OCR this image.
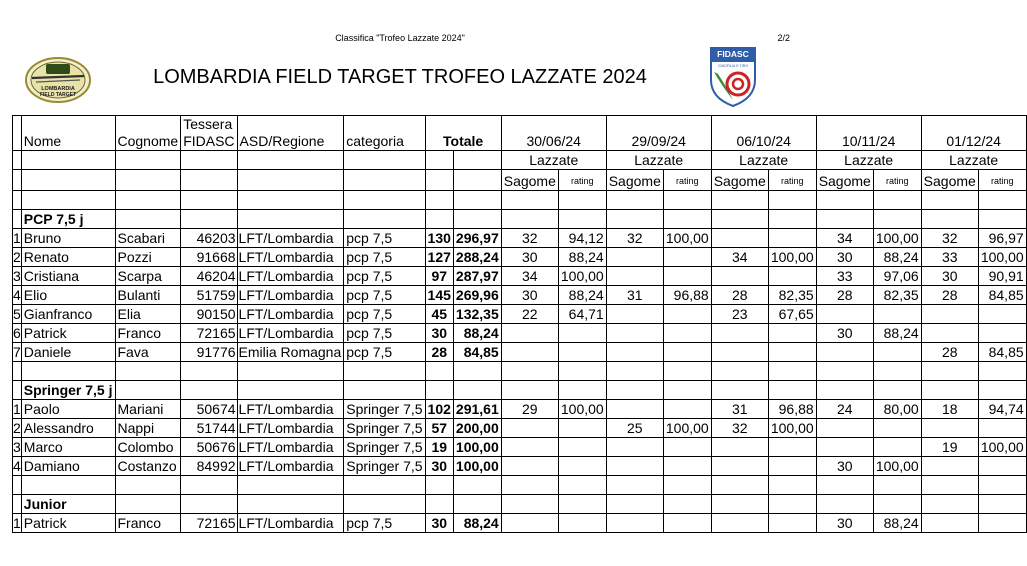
Classifica "Trofeo Lazzate 2024"	2/2
LOMBARDIA
FIELD TARGET
LOMBARDIA FIELD TARGET TROFEO LAZZATE 2024
FIDASC
CINOFILIA E TIRO
	Nome	Cognome	Tessera
FIDASC	ASD/Regione	categoria	Totale		30/06/24		29/09/24		06/10/24		10/11/24		01/12/24	
								Lazzate		Lazzate		Lazzate		Lazzate		Lazzate	
								Sagome	rating	Sagome	rating	Sagome	rating	Sagome	rating	Sagome	rating

	PCP 7,5 j																
1	Bruno	Scabari	46203	LFT/Lombardia	pcp 7,5	130	296,97	32	94,12	32	100,00			34	100,00	32	96,97
2	Renato	Pozzi	91668	LFT/Lombardia	pcp 7,5	127	288,24	30	88,24			34	100,00	30	88,24	33	100,00
3	Cristiana	Scarpa	46204	LFT/Lombardia	pcp 7,5	97	287,97	34	100,00					33	97,06	30	90,91
4	Elio	Bulanti	51759	LFT/Lombardia	pcp 7,5	145	269,96	30	88,24	31	96,88	28	82,35	28	82,35	28	84,85
5	Gianfranco	Elia	90150	LFT/Lombardia	pcp 7,5	45	132,35	22	64,71			23	67,65				
6	Patrick	Franco	72165	LFT/Lombardia	pcp 7,5	30	88,24							30	88,24		
7	Daniele	Fava	91776	Emilia Romagna	pcp 7,5	28	84,85									28	84,85

	Springer 7,5 j																
1	Paolo	Mariani	50674	LFT/Lombardia	Springer 7,5	102	291,61	29	100,00			31	96,88	24	80,00	18	94,74
2	Alessandro	Nappi	51744	LFT/Lombardia	Springer 7,5	57	200,00			25	100,00	32	100,00				
3	Marco	Colombo	50676	LFT/Lombardia	Springer 7,5	19	100,00									19	100,00
4	Damiano	Costanzo	84992	LFT/Lombardia	Springer 7,5	30	100,00							30	100,00		

	Junior																
1	Patrick	Franco	72165	LFT/Lombardia	pcp 7,5	30	88,24							30	88,24		
